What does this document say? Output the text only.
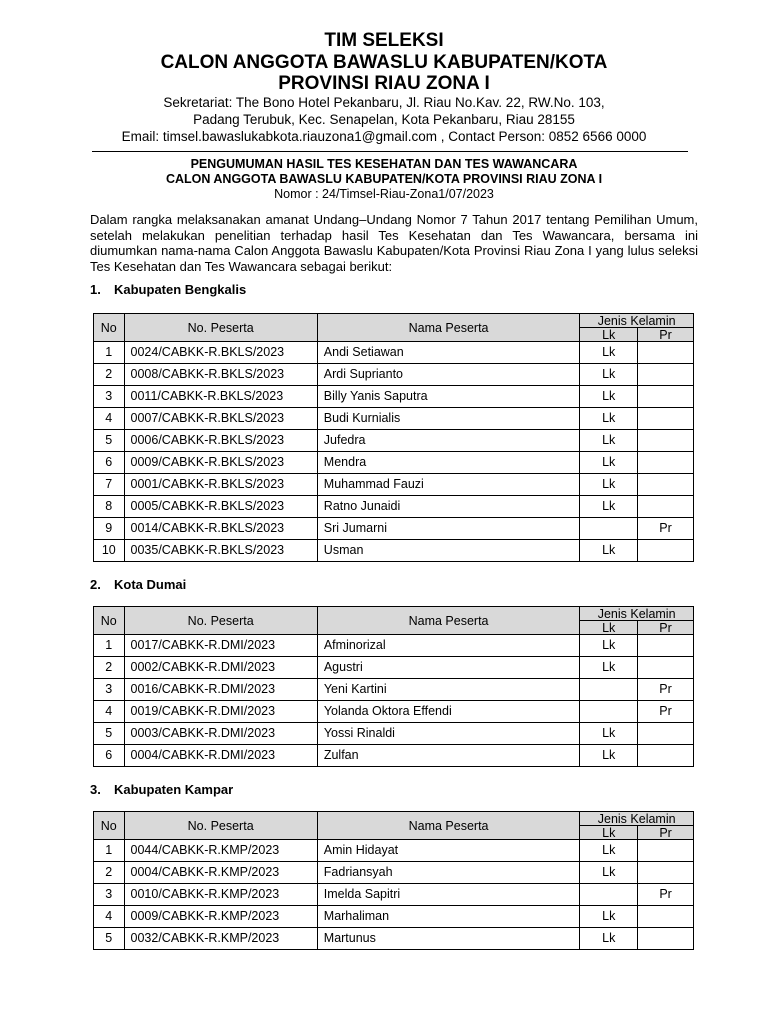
TIM SELEKSI
CALON ANGGOTA BAWASLU KABUPATEN/KOTA
PROVINSI RIAU ZONA I
Sekretariat: The Bono Hotel Pekanbaru, Jl. Riau No.Kav. 22, RW.No. 103,
Padang Terubuk, Kec. Senapelan, Kota Pekanbaru, Riau 28155
Email: timsel.bawaslukabkota.riauzona1@gmail.com , Contact Person: 0852 6566 0000
PENGUMUMAN HASIL TES KESEHATAN DAN TES WAWANCARA
CALON ANGGOTA BAWASLU KABUPATEN/KOTA PROVINSI RIAU ZONA I
Nomor : 24/Timsel-Riau-Zona1/07/2023
Dalam rangka melaksanakan amanat Undang–Undang Nomor 7 Tahun 2017 tentang Pemilihan Umum, setelah melakukan penelitian terhadap hasil Tes Kesehatan dan Tes Wawancara, bersama ini diumumkan nama-nama Calon Anggota Bawaslu Kabupaten/Kota Provinsi Riau Zona I yang lulus seleksi Tes Kesehatan dan Tes Wawancara sebagai berikut:
1. Kabupaten Bengkalis
No	No. Peserta	Nama Peserta	Jenis Kelamin	
			Lk	Pr
1	0024/CABKK-R.BKLS/2023	Andi Setiawan	Lk	
2	0008/CABKK-R.BKLS/2023	Ardi Suprianto	Lk	
3	0011/CABKK-R.BKLS/2023	Billy Yanis Saputra	Lk	
4	0007/CABKK-R.BKLS/2023	Budi Kurnialis	Lk	
5	0006/CABKK-R.BKLS/2023	Jufedra	Lk	
6	0009/CABKK-R.BKLS/2023	Mendra	Lk	
7	0001/CABKK-R.BKLS/2023	Muhammad Fauzi	Lk	
8	0005/CABKK-R.BKLS/2023	Ratno Junaidi	Lk	
9	0014/CABKK-R.BKLS/2023	Sri Jumarni		Pr
10	0035/CABKK-R.BKLS/2023	Usman	Lk	
2. Kota Dumai
No	No. Peserta	Nama Peserta	Jenis Kelamin	
			Lk	Pr
1	0017/CABKK-R.DMI/2023	Afminorizal	Lk	
2	0002/CABKK-R.DMI/2023	Agustri	Lk	
3	0016/CABKK-R.DMI/2023	Yeni Kartini		Pr
4	0019/CABKK-R.DMI/2023	Yolanda Oktora Effendi		Pr
5	0003/CABKK-R.DMI/2023	Yossi Rinaldi	Lk	
6	0004/CABKK-R.DMI/2023	Zulfan	Lk	
3. Kabupaten Kampar
No	No. Peserta	Nama Peserta	Jenis Kelamin	
			Lk	Pr
1	0044/CABKK-R.KMP/2023	Amin Hidayat	Lk	
2	0004/CABKK-R.KMP/2023	Fadriansyah	Lk	
3	0010/CABKK-R.KMP/2023	Imelda Sapitri		Pr
4	0009/CABKK-R.KMP/2023	Marhaliman	Lk	
5	0032/CABKK-R.KMP/2023	Martunus	Lk	
